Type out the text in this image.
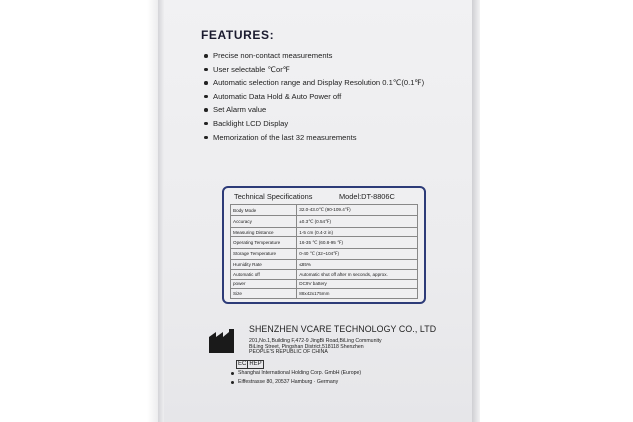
FEATURES:
Precise non-contact measurements
User selectable ℃or℉
Automatic selection range and Display Resolution 0.1℃(0.1℉)
Automatic Data Hold & Auto Power off
Set Alarm value
Backlight LCD Display
Memorization of the last 32 measurements
Technical Specifications	Model:DT-8806C
Body Mode	32.0-43.0℃ (90-109.4℉)
Accuracy	±0.3℃ (0.54℉)
Measuring Distance	1-5 cm (0.4-2 in)
Operating Temperature	16-35 ℃ (60.8-95 ℉)
Storage Temperature	0-40 ℃ (32~104℉)
Humidity Rate	≤85%
Automatic off	Automatic shut off after m seconds, approx.
power	DC9V battery
Size	88x42x175mm
SHENZHEN VCARE TECHNOLOGY CO., LTD
201,No.1,Building F,472-9 JingBi Road,BiLing Community
BiLing Street, Pingshan District,518118 Shenzhen
PEOPLE'S REPUBLIC OF CHINA
EC REP
Shanghai International Holding Corp. GmbH (Europe)
Eiffestrasse 80, 20537 Hamburg · Germany
